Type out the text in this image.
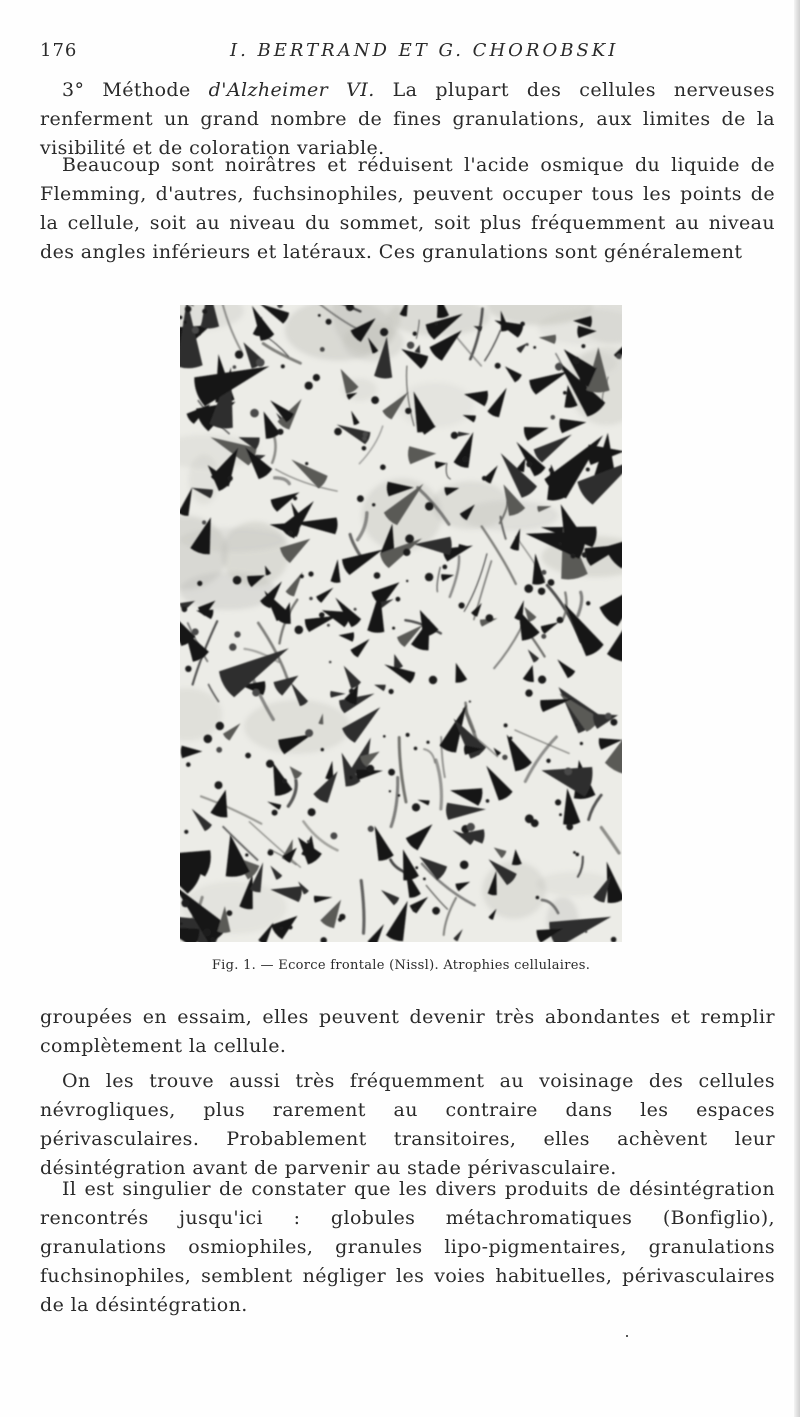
176	I. BERTRAND ET G. CHOROBSKI

3° Méthode d'Alzheimer VI. La plupart des cellules nerveuses renferment un grand nombre de fines granulations, aux limites de la visibilité et de coloration variable.

Beaucoup sont noirâtres et réduisent l'acide osmique du liquide de Flemming, d'autres, fuchsinophiles, peuvent occuper tous les points de la cellule, soit au niveau du sommet, soit plus fréquemment au niveau des angles inférieurs et latéraux. Ces granulations sont généralement

Fig. 1. — Ecorce frontale (Nissl). Atrophies cellulaires.

groupées en essaim, elles peuvent devenir très abondantes et remplir complètement la cellule.

On les trouve aussi très fréquemment au voisinage des cellules névrogliques, plus rarement au contraire dans les espaces périvasculaires. Probablement transitoires, elles achèvent leur désintégration avant de parvenir au stade périvasculaire.

Il est singulier de constater que les divers produits de désintégration rencontrés jusqu'ici : globules métachromatiques (Bonfiglio), granulations osmiophiles, granules lipo-pigmentaires, granulations fuchsinophiles, semblent négliger les voies habituelles, périvasculaires de la désintégration.
